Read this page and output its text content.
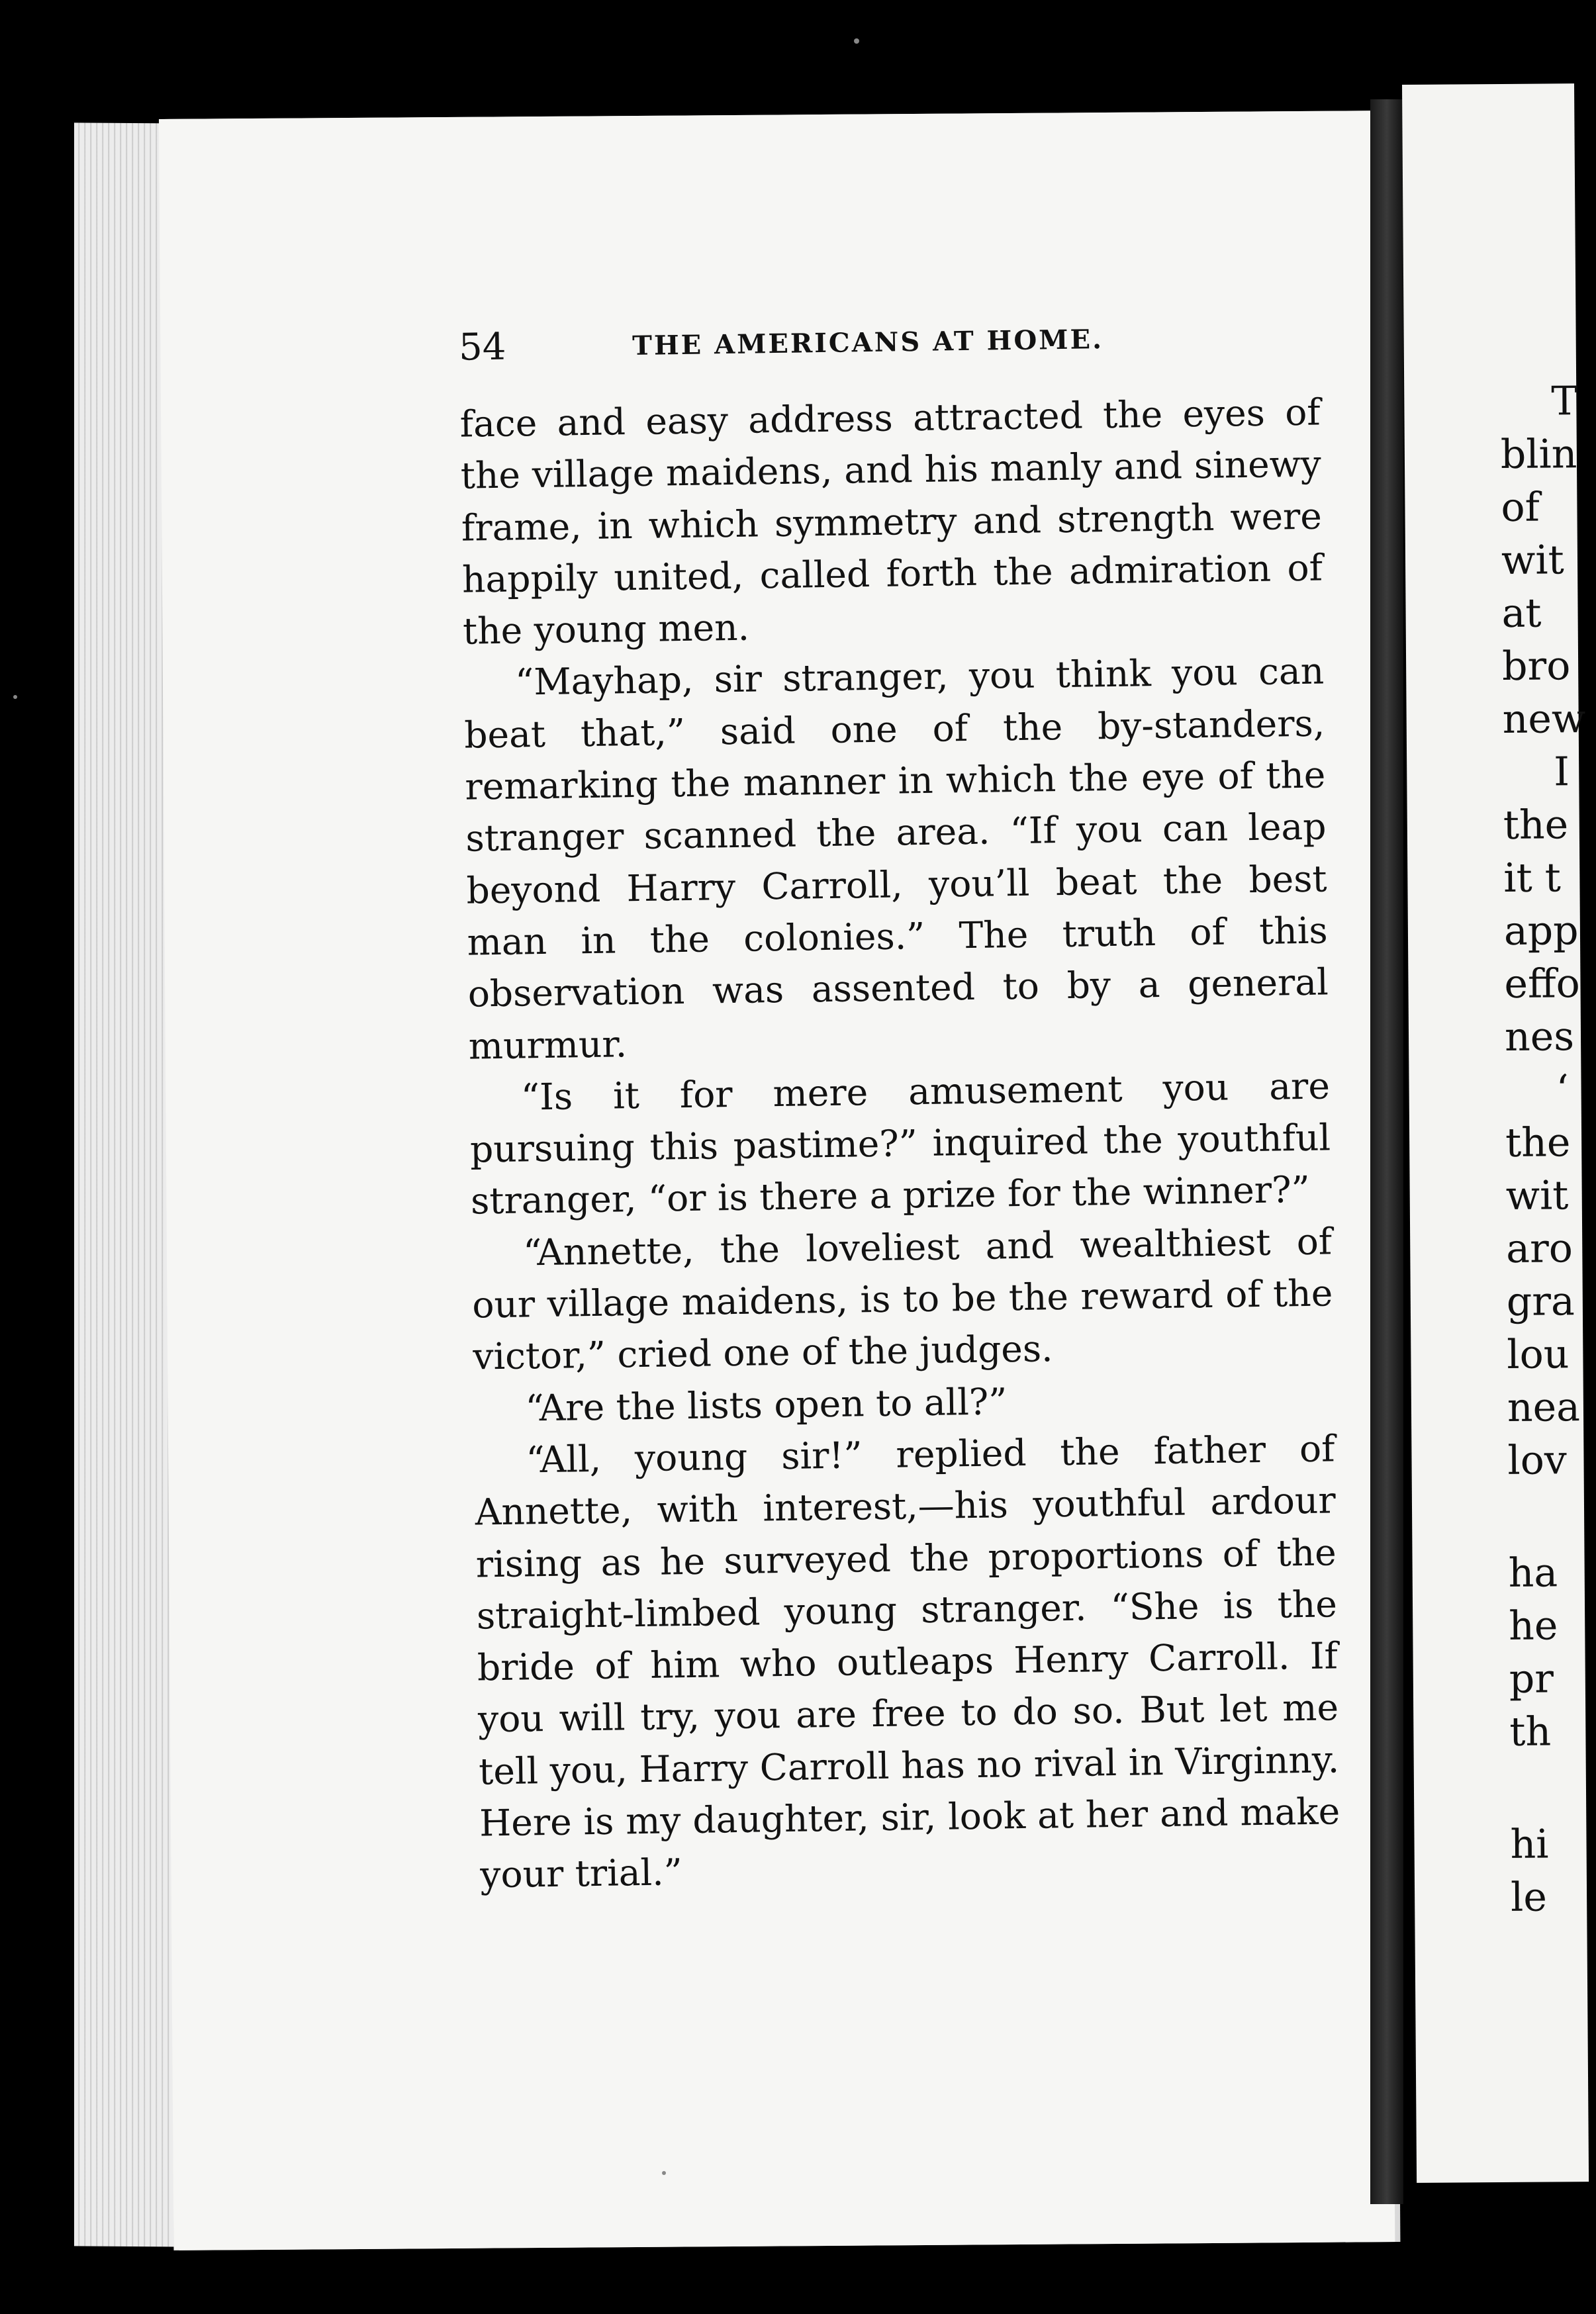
T
blin
of
wit
at
bro
new
I
the
it t
app
effo
nes
‘
the
wit
aro
gra
lou
nea
lov
ha
he
pr
th
hi
le
54	THE AMERICANS AT HOME.

face and easy address attracted the eyes of the village maidens, and his manly and sinewy frame, in which symmetry and strength were happily united, called forth the admiration of the young men.

“Mayhap, sir stranger, you think you can beat that,” said one of the by-standers, remarking the manner in which the eye of the stranger scanned the area. “If you can leap beyond Harry Carroll, you’ll beat the best man in the colonies.” The truth of this observation was assented to by a general murmur.

“Is it for mere amusement you are pursuing this pastime?” inquired the youthful stranger, “or is there a prize for the winner?”

“Annette, the loveliest and wealthiest of our village maidens, is to be the reward of the victor,” cried one of the judges.

“Are the lists open to all?”

“All, young sir!” replied the father of Annette, with interest,—his youthful ardour rising as he surveyed the proportions of the straight-limbed young stranger. “She is the bride of him who outleaps Henry Carroll. If you will try, you are free to do so. But let me tell you, Harry Carroll has no rival in Virginny. Here is my daughter, sir, look at her and make your trial.”
